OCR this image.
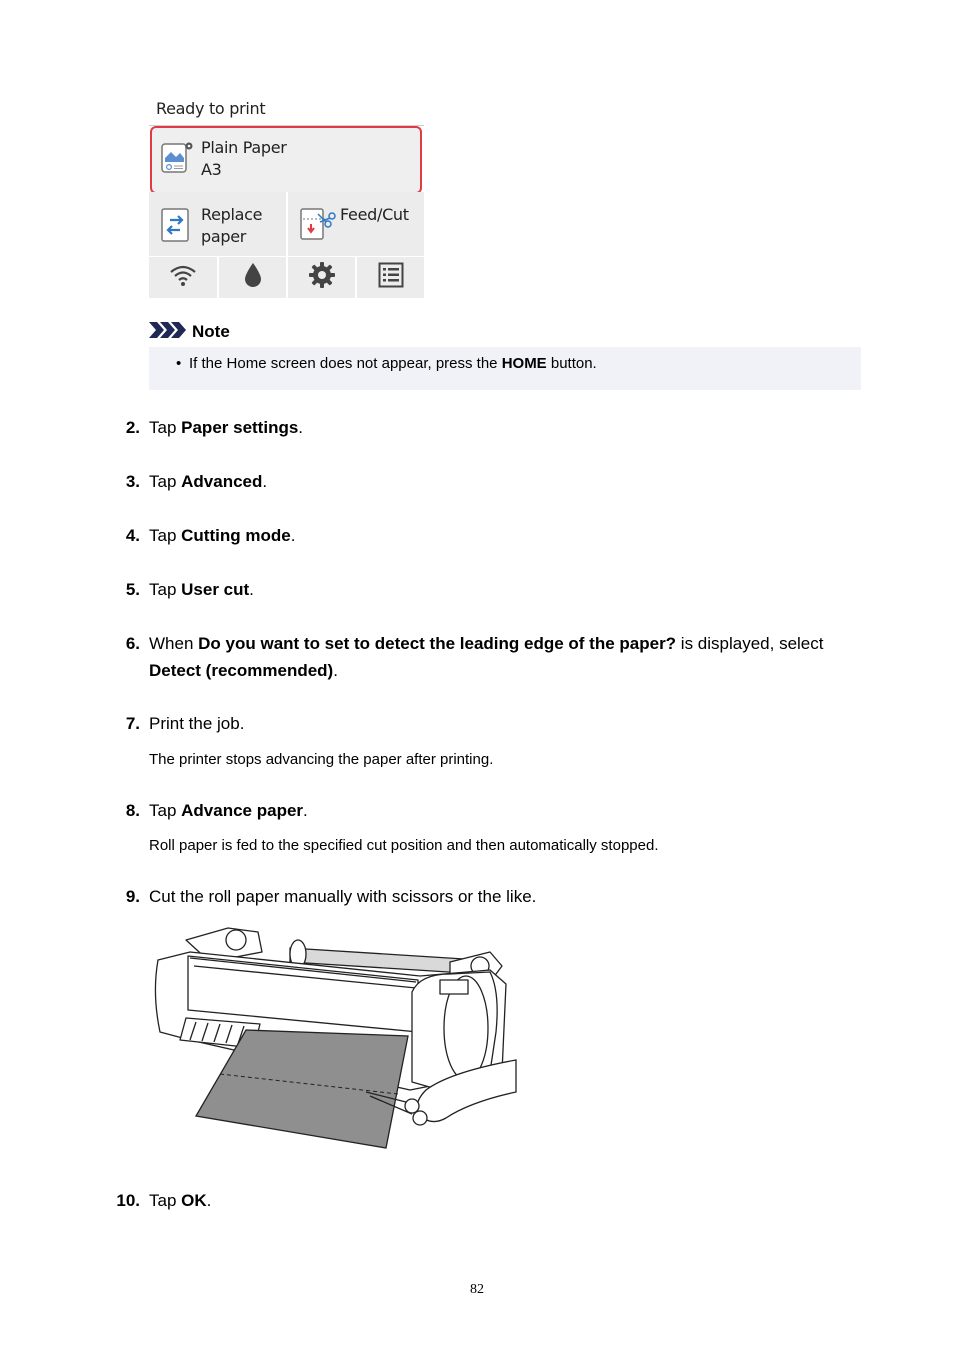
Ready to print
Plain Paper
A3
Replace
paper
Feed/Cut
Note
• If the Home screen does not appear, press the HOME button.
2. Tap Paper settings.
3. Tap Advanced.
4. Tap Cutting mode.
5. Tap User cut.
6. When Do you want to set to detect the leading edge of the paper? is displayed, select Detect (recommended).
7. Print the job.
The printer stops advancing the paper after printing.
8. Tap Advance paper.
Roll paper is fed to the specified cut position and then automatically stopped.
9. Cut the roll paper manually with scissors or the like.
10. Tap OK.
82
